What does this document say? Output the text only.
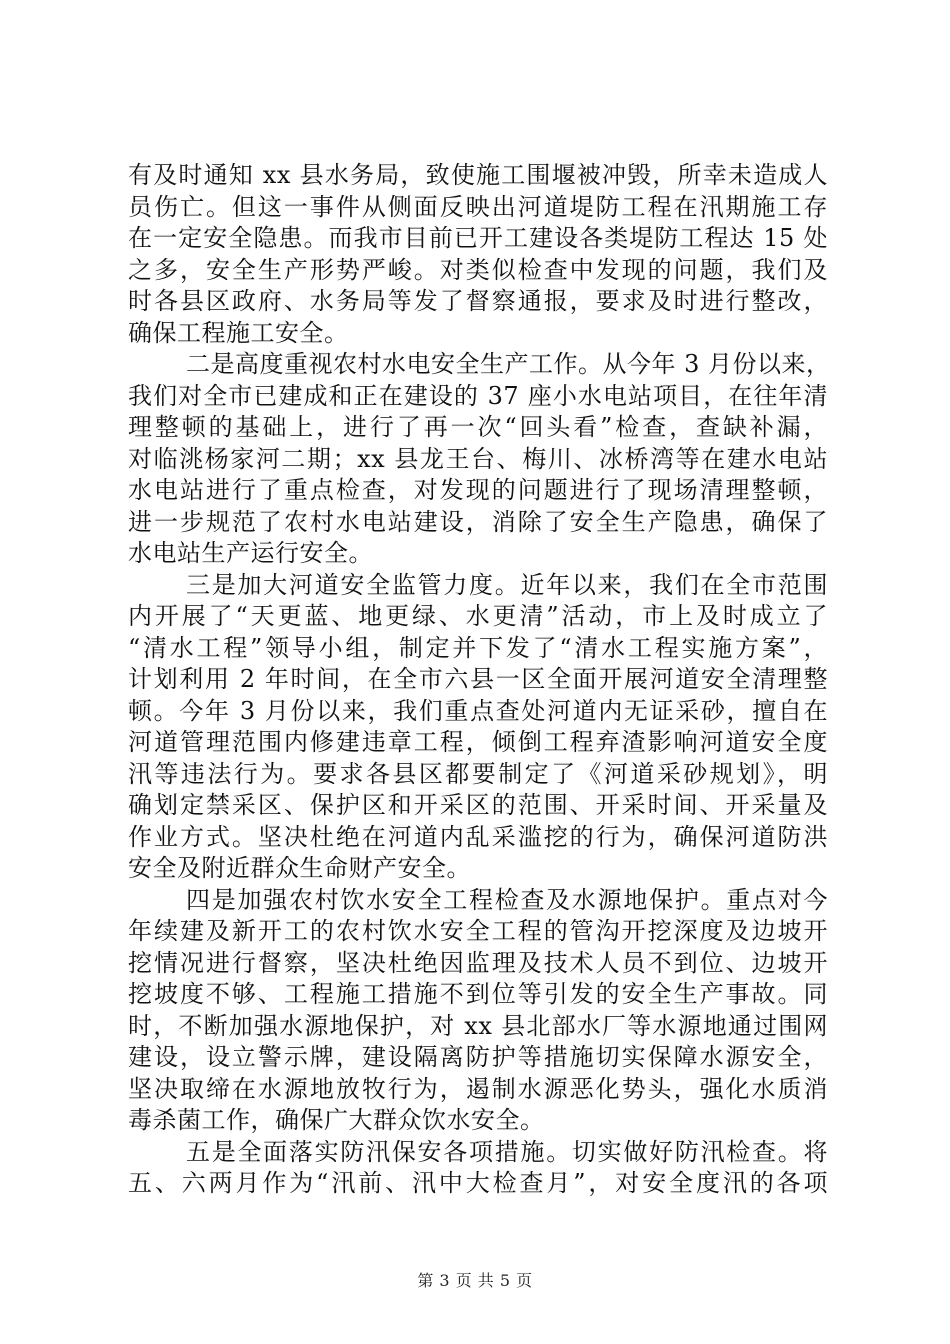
有及时通知 xx 县水务局，致使施工围堰被冲毁，所幸未造成人
员伤亡。但这一事件从侧面反映出河道堤防工程在汛期施工存
在一定安全隐患。而我市目前已开工建设各类堤防工程达 15 处
之多，安全生产形势严峻。对类似检查中发现的问题，我们及
时各县区政府、水务局等发了督察通报，要求及时进行整改，
确保工程施工安全。
二是高度重视农村水电安全生产工作。从今年 3 月份以来，
我们对全市已建成和正在建设的 37 座小水电站项目，在往年清
理整顿的基础上，进行了再一次“回头看”检查，查缺补漏，
对临洮杨家河二期；xx 县龙王台、梅川、冰桥湾等在建水电站
水电站进行了重点检查，对发现的问题进行了现场清理整顿，
进一步规范了农村水电站建设，消除了安全生产隐患，确保了
水电站生产运行安全。
三是加大河道安全监管力度。近年以来，我们在全市范围
内开展了“天更蓝、地更绿、水更清”活动，市上及时成立了
“清水工程”领导小组，制定并下发了“清水工程实施方案”，
计划利用 2 年时间，在全市六县一区全面开展河道安全清理整
顿。今年 3 月份以来，我们重点查处河道内无证采砂，擅自在
河道管理范围内修建违章工程，倾倒工程弃渣影响河道安全度
汛等违法行为。要求各县区都要制定了《河道采砂规划》，明
确划定禁采区、保护区和开采区的范围、开采时间、开采量及
作业方式。坚决杜绝在河道内乱采滥挖的行为，确保河道防洪
安全及附近群众生命财产安全。
四是加强农村饮水安全工程检查及水源地保护。重点对今
年续建及新开工的农村饮水安全工程的管沟开挖深度及边坡开
挖情况进行督察，坚决杜绝因监理及技术人员不到位、边坡开
挖坡度不够、工程施工措施不到位等引发的安全生产事故。同
时，不断加强水源地保护，对 xx 县北部水厂等水源地通过围网
建设，设立警示牌，建设隔离防护等措施切实保障水源安全，
坚决取缔在水源地放牧行为，遏制水源恶化势头，强化水质消
毒杀菌工作，确保广大群众饮水安全。
五是全面落实防汛保安各项措施。切实做好防汛检查。将
五、六两月作为“汛前、汛中大检查月”，对安全度汛的各项
第 3 页 共 5 页
